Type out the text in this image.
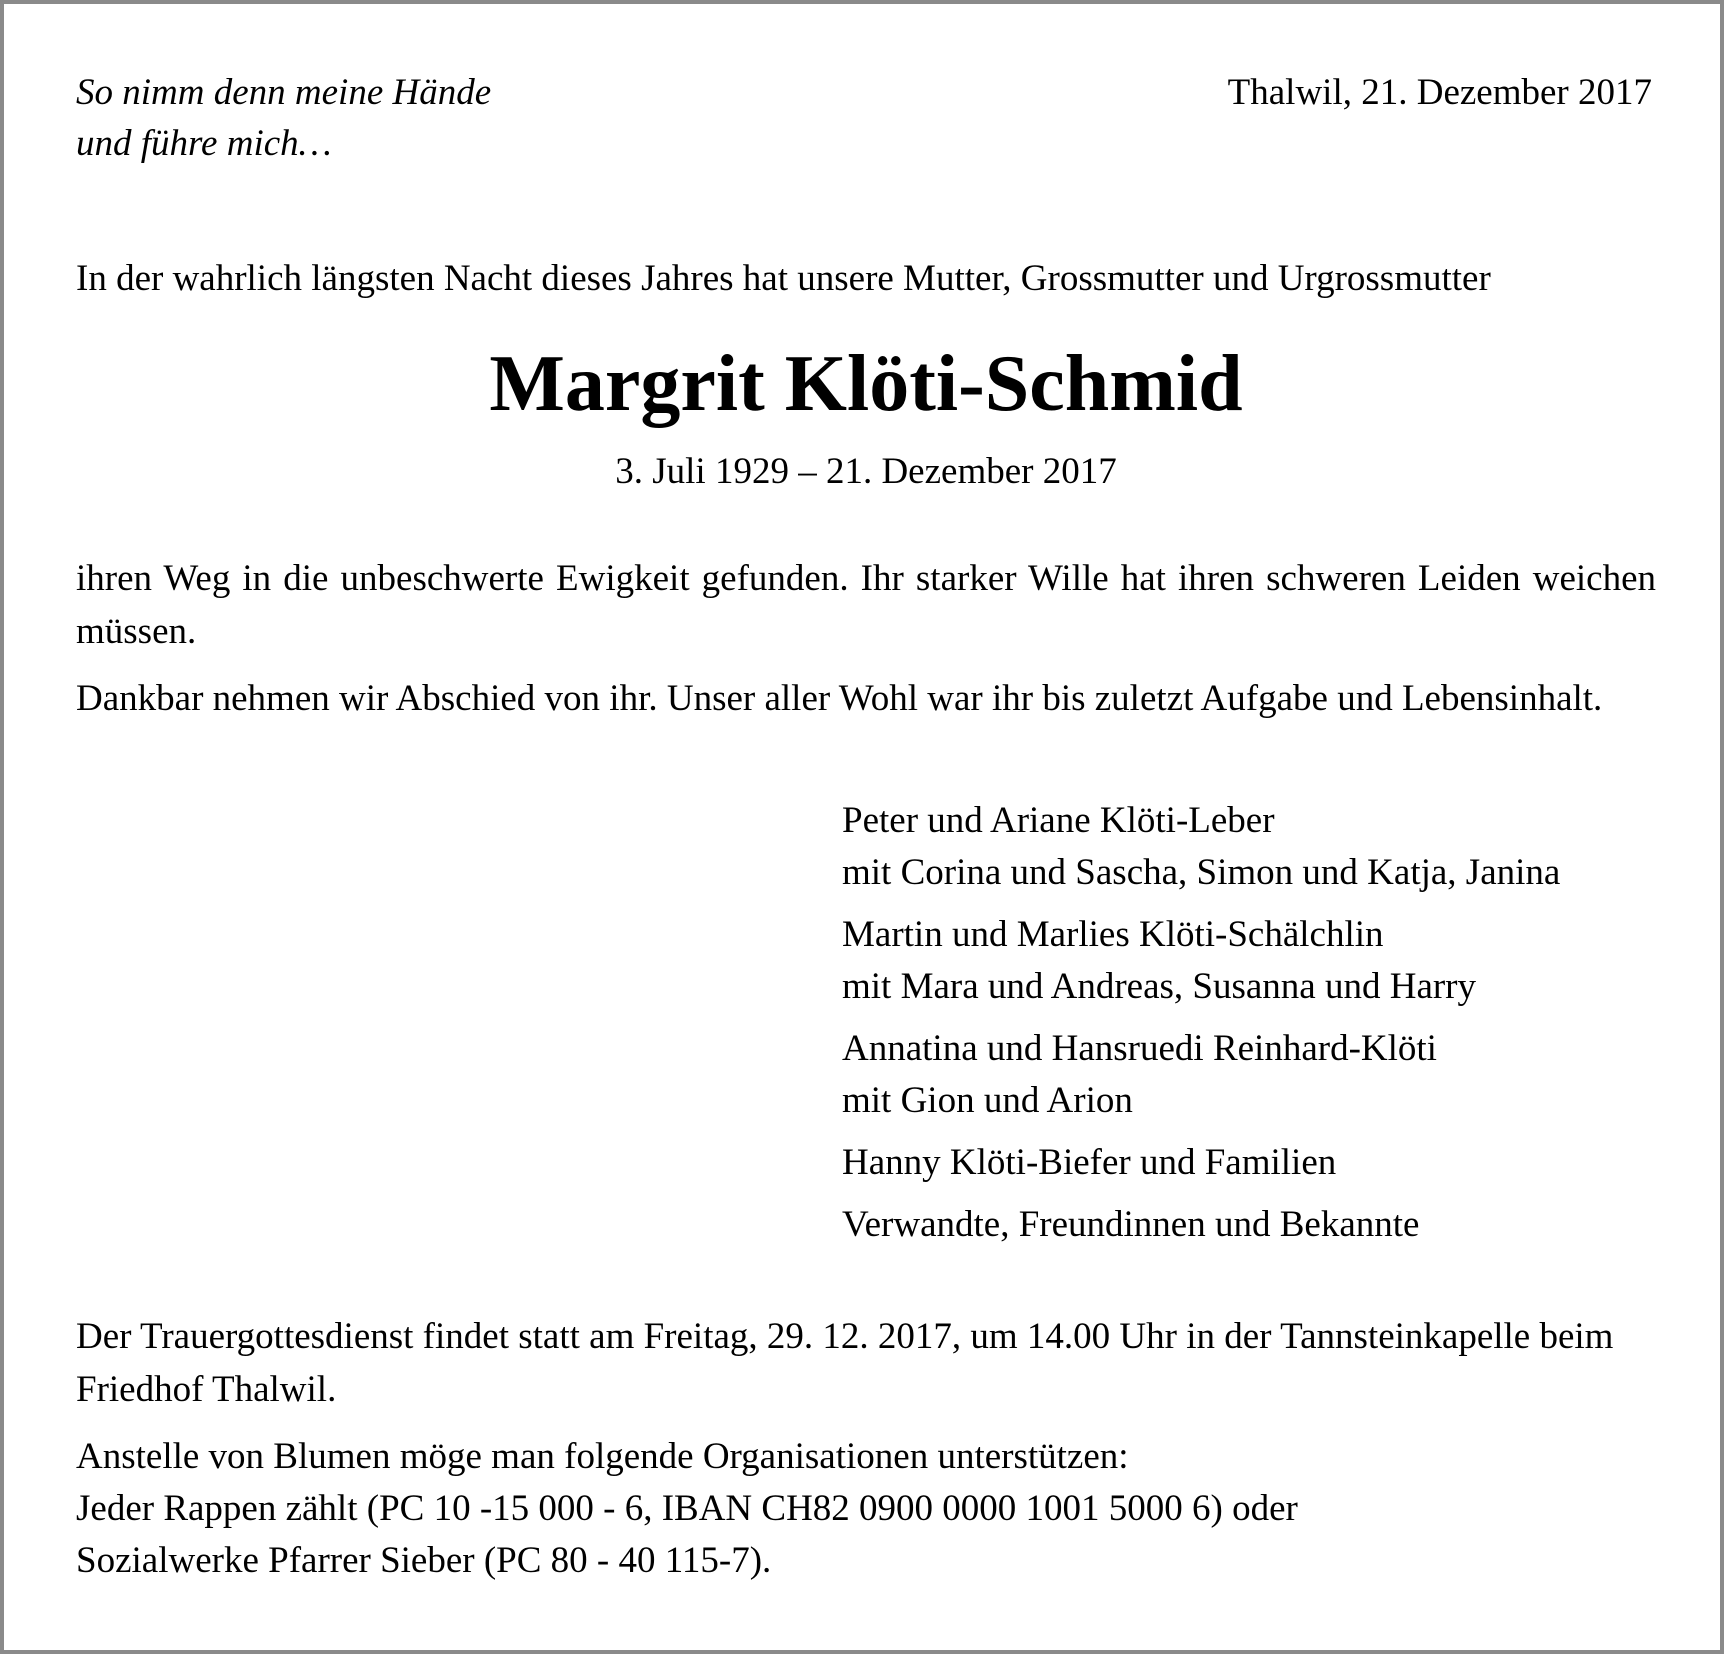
So nimm denn meine Hände

und führe mich…

Thalwil, 21. Dezember 2017

In der wahrlich längsten Nacht dieses Jahres hat unsere Mutter, Grossmutter und Urgrossmutter

Margrit Klöti-Schmid

3. Juli 1929 – 21. Dezember 2017

ihren Weg in die unbeschwerte Ewigkeit gefunden. Ihr starker Wille hat ihren schweren Leiden weichen müssen.

Dankbar nehmen wir Abschied von ihr. Unser aller Wohl war ihr bis zuletzt Aufgabe und Lebensinhalt.

Peter und Ariane Klöti-Leber

mit Corina und Sascha, Simon und Katja, Janina

Martin und Marlies Klöti-Schälchlin

mit Mara und Andreas, Susanna und Harry

Annatina und Hansruedi Reinhard-Klöti

mit Gion und Arion

Hanny Klöti-Biefer und Familien

Verwandte, Freundinnen und Bekannte

Der Trauergottesdienst findet statt am Freitag, 29. 12. 2017, um 14.00 Uhr in der Tannsteinkapelle beim Friedhof Thalwil.

Anstelle von Blumen möge man folgende Organisationen unterstützen:

Jeder Rappen zählt (PC 10 -15 000 - 6, IBAN CH82 0900 0000 1001 5000 6) oder

Sozialwerke Pfarrer Sieber (PC 80 - 40 115-7).
